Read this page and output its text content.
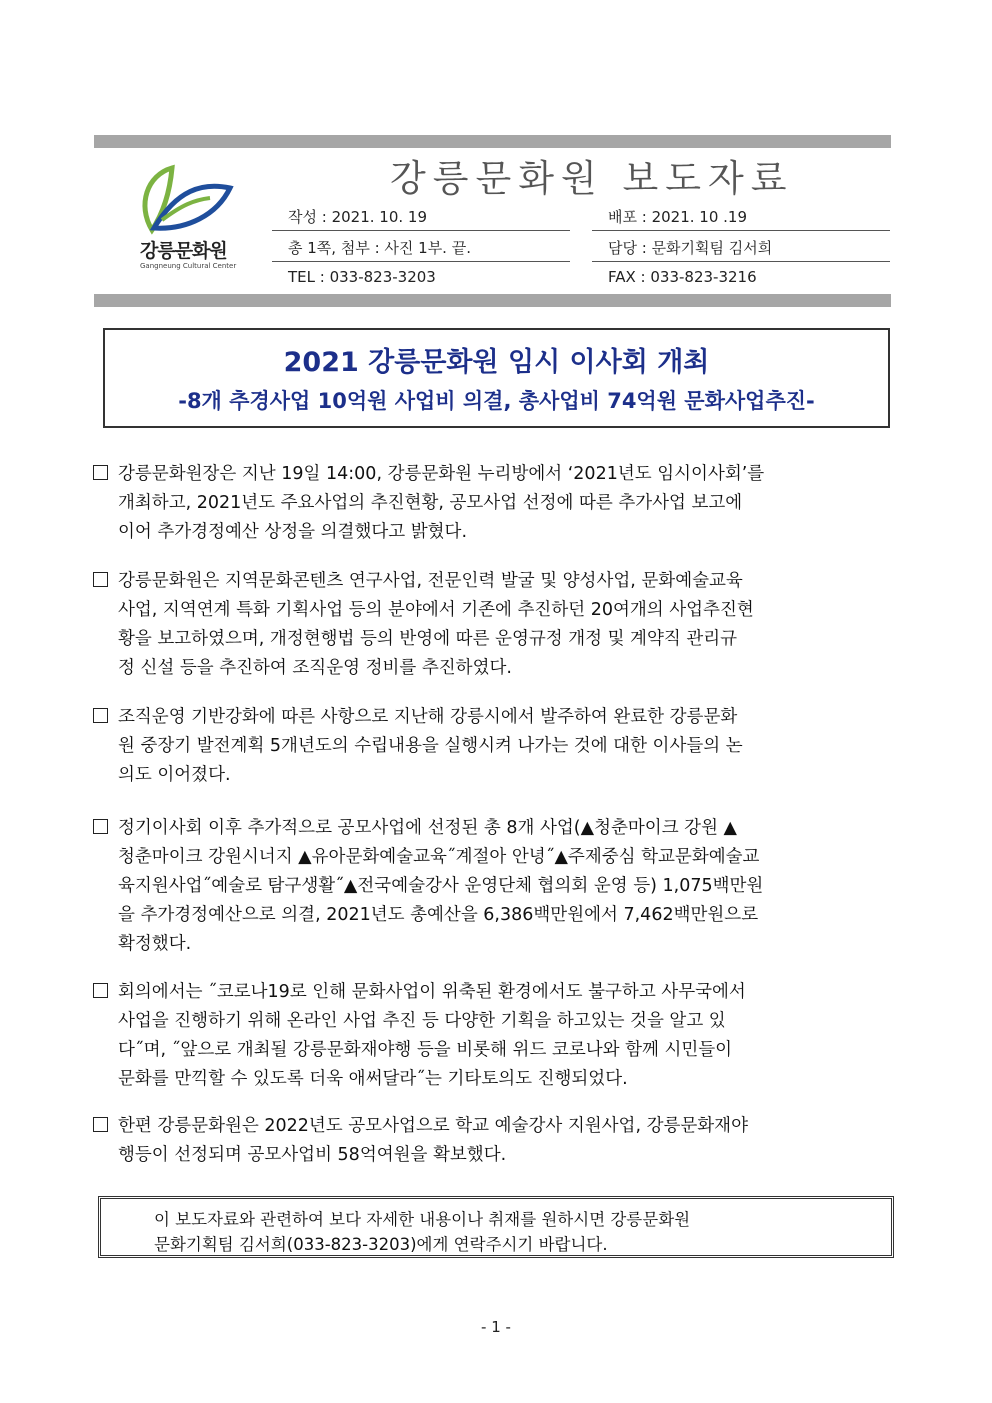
강릉문화원
Gangneung Cultural Center
강릉문화원 보도자료
작성 : 2021. 10. 19	배포 : 2021. 10 .19
총 1쪽, 첨부 : 사진 1부. 끝.	담당 : 문화기획팀 김서희
TEL : 033-823-3203	FAX : 033-823-3216
2021 강릉문화원 임시 이사회 개최
-8개 추경사업 10억원 사업비 의결, 총사업비 74억원 문화사업추진-
강릉문화원장은 지난 19일 14:00, 강릉문화원 누리방에서 ‘2021년도 임시이사회’를
개최하고, 2021년도 주요사업의 추진현황, 공모사업 선정에 따른 추가사업 보고에
이어 추가경정예산 상정을 의결했다고 밝혔다.
강릉문화원은 지역문화콘텐츠 연구사업, 전문인력 발굴 및 양성사업, 문화예술교육
사업, 지역연계 특화 기획사업 등의 분야에서 기존에 추진하던 20여개의 사업추진현
황을 보고하였으며, 개정현행법 등의 반영에 따른 운영규정 개정 및 계약직 관리규
정 신설 등을 추진하여 조직운영 정비를 추진하였다.
조직운영 기반강화에 따른 사항으로 지난해 강릉시에서 발주하여 완료한 강릉문화
원 중장기 발전계획 5개년도의 수립내용을 실행시켜 나가는 것에 대한 이사들의 논
의도 이어졌다.
정기이사회 이후 추가적으로 공모사업에 선정된 총 8개 사업(▲청춘마이크 강원 ▲
청춘마이크 강원시너지 ▲유아문화예술교육˝계절아 안녕˝▲주제중심 학교문화예술교
육지원사업˝예술로 탐구생활˝▲전국예술강사 운영단체 협의회 운영 등) 1,075백만원
을 추가경정예산으로 의결, 2021년도 총예산을 6,386백만원에서 7,462백만원으로
확정했다.
회의에서는 ˝코로나19로 인해 문화사업이 위축된 환경에서도 불구하고 사무국에서
사업을 진행하기 위해 온라인 사업 추진 등 다양한 기획을 하고있는 것을 알고 있
다˝며, ˝앞으로 개최될 강릉문화재야행 등을 비롯해 위드 코로나와 함께 시민들이
문화를 만끽할 수 있도록 더욱 애써달라˝는 기타토의도 진행되었다.
한편 강릉문화원은 2022년도 공모사업으로 학교 예술강사 지원사업, 강릉문화재야
행등이 선정되며 공모사업비 58억여원을 확보했다.
이 보도자료와 관련하여 보다 자세한 내용이나 취재를 원하시면 강릉문화원
문화기획팀 김서희(033-823-3203)에게 연락주시기 바랍니다.
- 1 -
